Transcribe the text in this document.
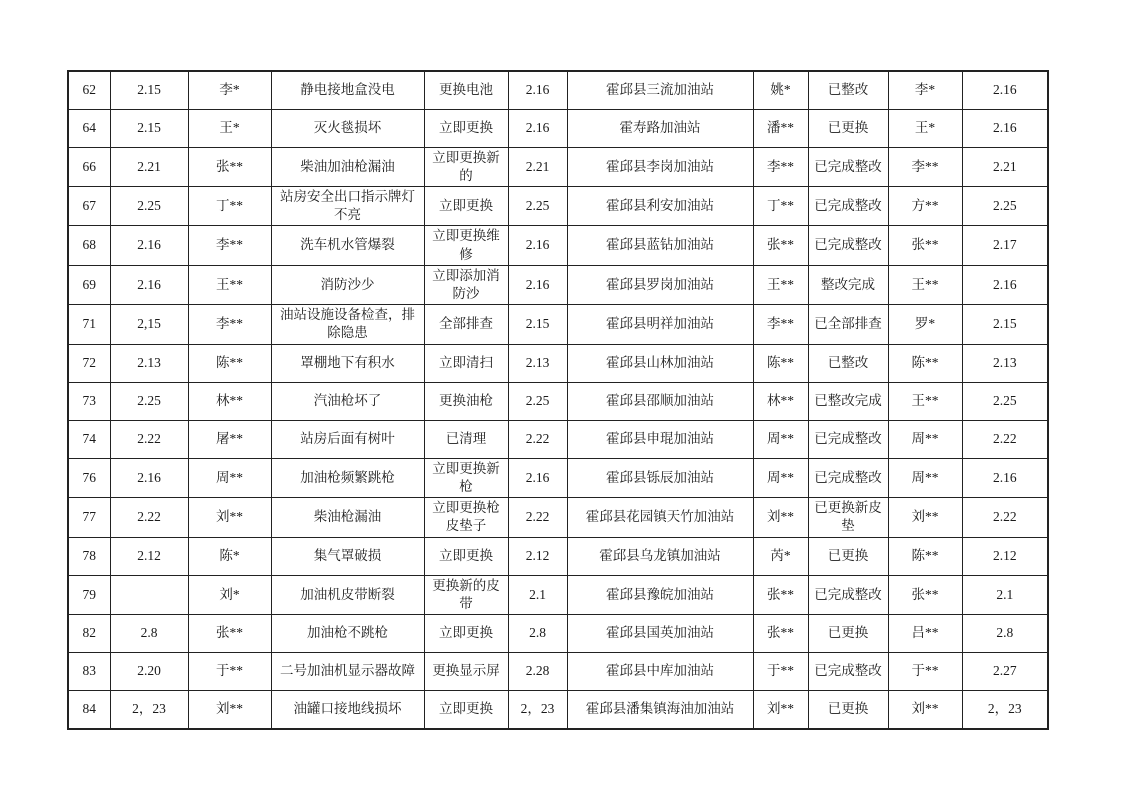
62	2.15	李*	静电接地盒没电	更换电池	2.16	霍邱县三流加油站	姚*	已整改	李*	2.16
64	2.15	王*	灭火毯损坏	立即更换	2.16	霍寿路加油站	潘**	已更换	王*	2.16
66	2.21	张**	柴油加油枪漏油	立即更换新的	2.21	霍邱县李岗加油站	李**	已完成整改	李**	2.21
67	2.25	丁**	站房安全出口指示牌灯不亮	立即更换	2.25	霍邱县利安加油站	丁**	已完成整改	方**	2.25
68	2.16	李**	洗车机水管爆裂	立即更换维修	2.16	霍邱县蓝钻加油站	张**	已完成整改	张**	2.17
69	2.16	王**	消防沙少	立即添加消防沙	2.16	霍邱县罗岗加油站	王**	整改完成	王**	2.16
71	2,15	李**	油站设施设备检查，排除隐患	全部排查	2.15	霍邱县明祥加油站	李**	已全部排查	罗*	2.15
72	2.13	陈**	罩棚地下有积水	立即清扫	2.13	霍邱县山林加油站	陈**	已整改	陈**	2.13
73	2.25	林**	汽油枪坏了	更换油枪	2.25	霍邱县邵顺加油站	林**	已整改完成	王**	2.25
74	2.22	屠**	站房后面有树叶	已清理	2.22	霍邱县申琨加油站	周**	已完成整改	周**	2.22
76	2.16	周**	加油枪频繁跳枪	立即更换新枪	2.16	霍邱县铄辰加油站	周**	已完成整改	周**	2.16
77	2.22	刘**	柴油枪漏油	立即更换枪皮垫子	2.22	霍邱县花园镇天竹加油站	刘**	已更换新皮垫	刘**	2.22
78	2.12	陈*	集气罩破损	立即更换	2.12	霍邱县乌龙镇加油站	芮*	已更换	陈**	2.12
79		刘*	加油机皮带断裂	更换新的皮带	2.1	霍邱县豫皖加油站	张**	已完成整改	张**	2.1
82	2.8	张**	加油枪不跳枪	立即更换	2.8	霍邱县国英加油站	张**	已更换	吕**	2.8
83	2.20	于**	二号加油机显示器故障	更换显示屏	2.28	霍邱县中库加油站	于**	已完成整改	于**	2.27
84	2，23	刘**	油罐口接地线损坏	立即更换	2，23	霍邱县潘集镇海油加油站	刘**	已更换	刘**	2，23
